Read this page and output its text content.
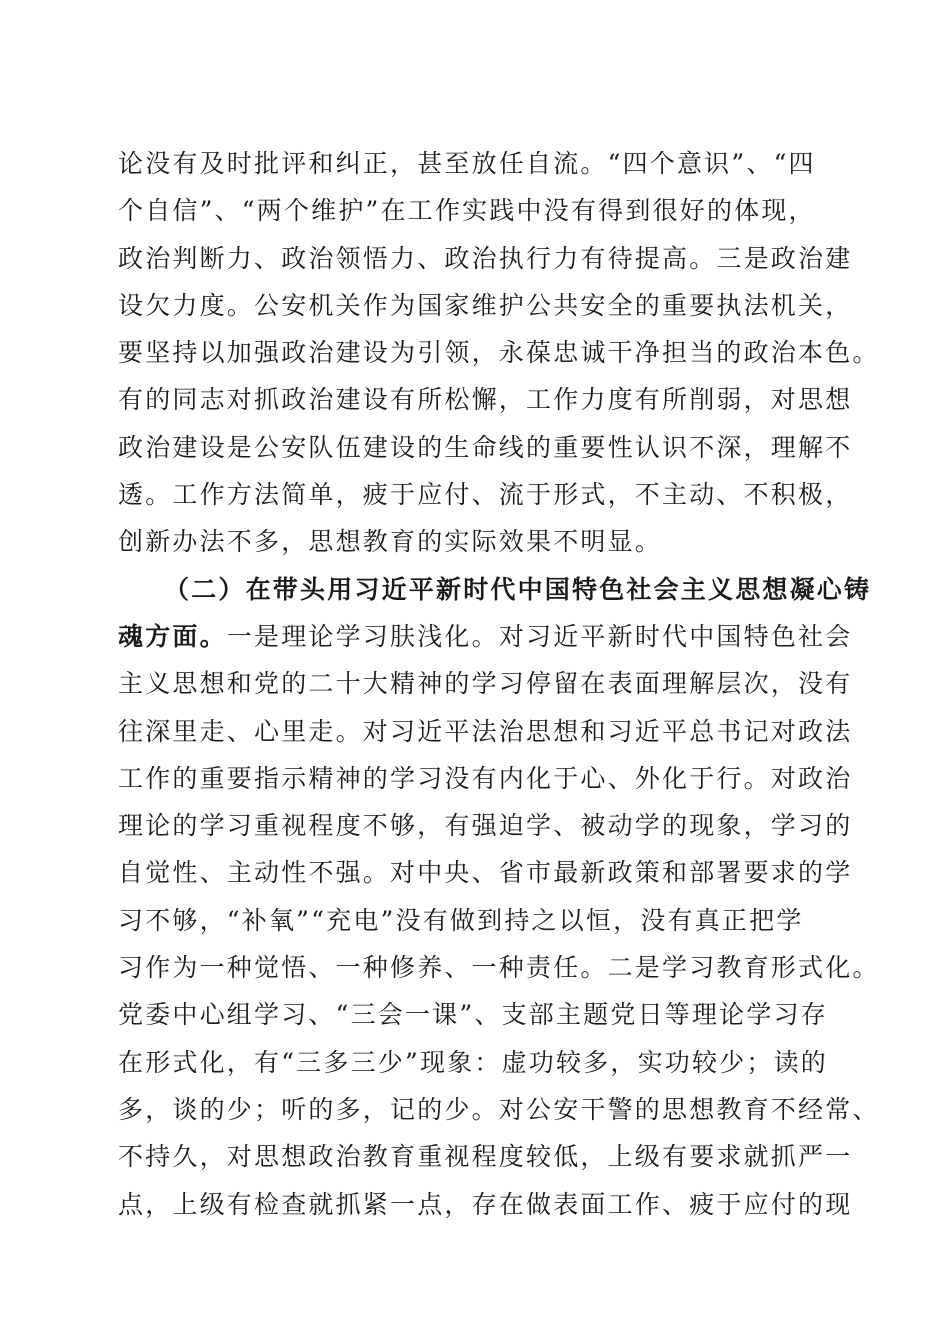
论没有及时批评和纠正，甚至放任自流。“四个意识”、“四
个自信”、“两个维护”在工作实践中没有得到很好的体现，
政治判断力、政治领悟力、政治执行力有待提高。三是政治建
设欠力度。公安机关作为国家维护公共安全的重要执法机关，
要坚持以加强政治建设为引领，永葆忠诚干净担当的政治本色。
有的同志对抓政治建设有所松懈，工作力度有所削弱，对思想
政治建设是公安队伍建设的生命线的重要性认识不深，理解不
透。工作方法简单，疲于应付、流于形式，不主动、不积极，
创新办法不多，思想教育的实际效果不明显。
（二）在带头用习近平新时代中国特色社会主义思想凝心铸
魂方面。一是理论学习肤浅化。对习近平新时代中国特色社会
主义思想和党的二十大精神的学习停留在表面理解层次，没有
往深里走、心里走。对习近平法治思想和习近平总书记对政法
工作的重要指示精神的学习没有内化于心、外化于行。对政治
理论的学习重视程度不够，有强迫学、被动学的现象，学习的
自觉性、主动性不强。对中央、省市最新政策和部署要求的学
习不够，“补氧”“充电”没有做到持之以恒，没有真正把学
习作为一种觉悟、一种修养、一种责任。二是学习教育形式化。
党委中心组学习、“三会一课”、支部主题党日等理论学习存
在形式化，有“三多三少”现象：虚功较多，实功较少；读的
多，谈的少；听的多，记的少。对公安干警的思想教育不经常、
不持久，对思想政治教育重视程度较低，上级有要求就抓严一
点，上级有检查就抓紧一点，存在做表面工作、疲于应付的现
